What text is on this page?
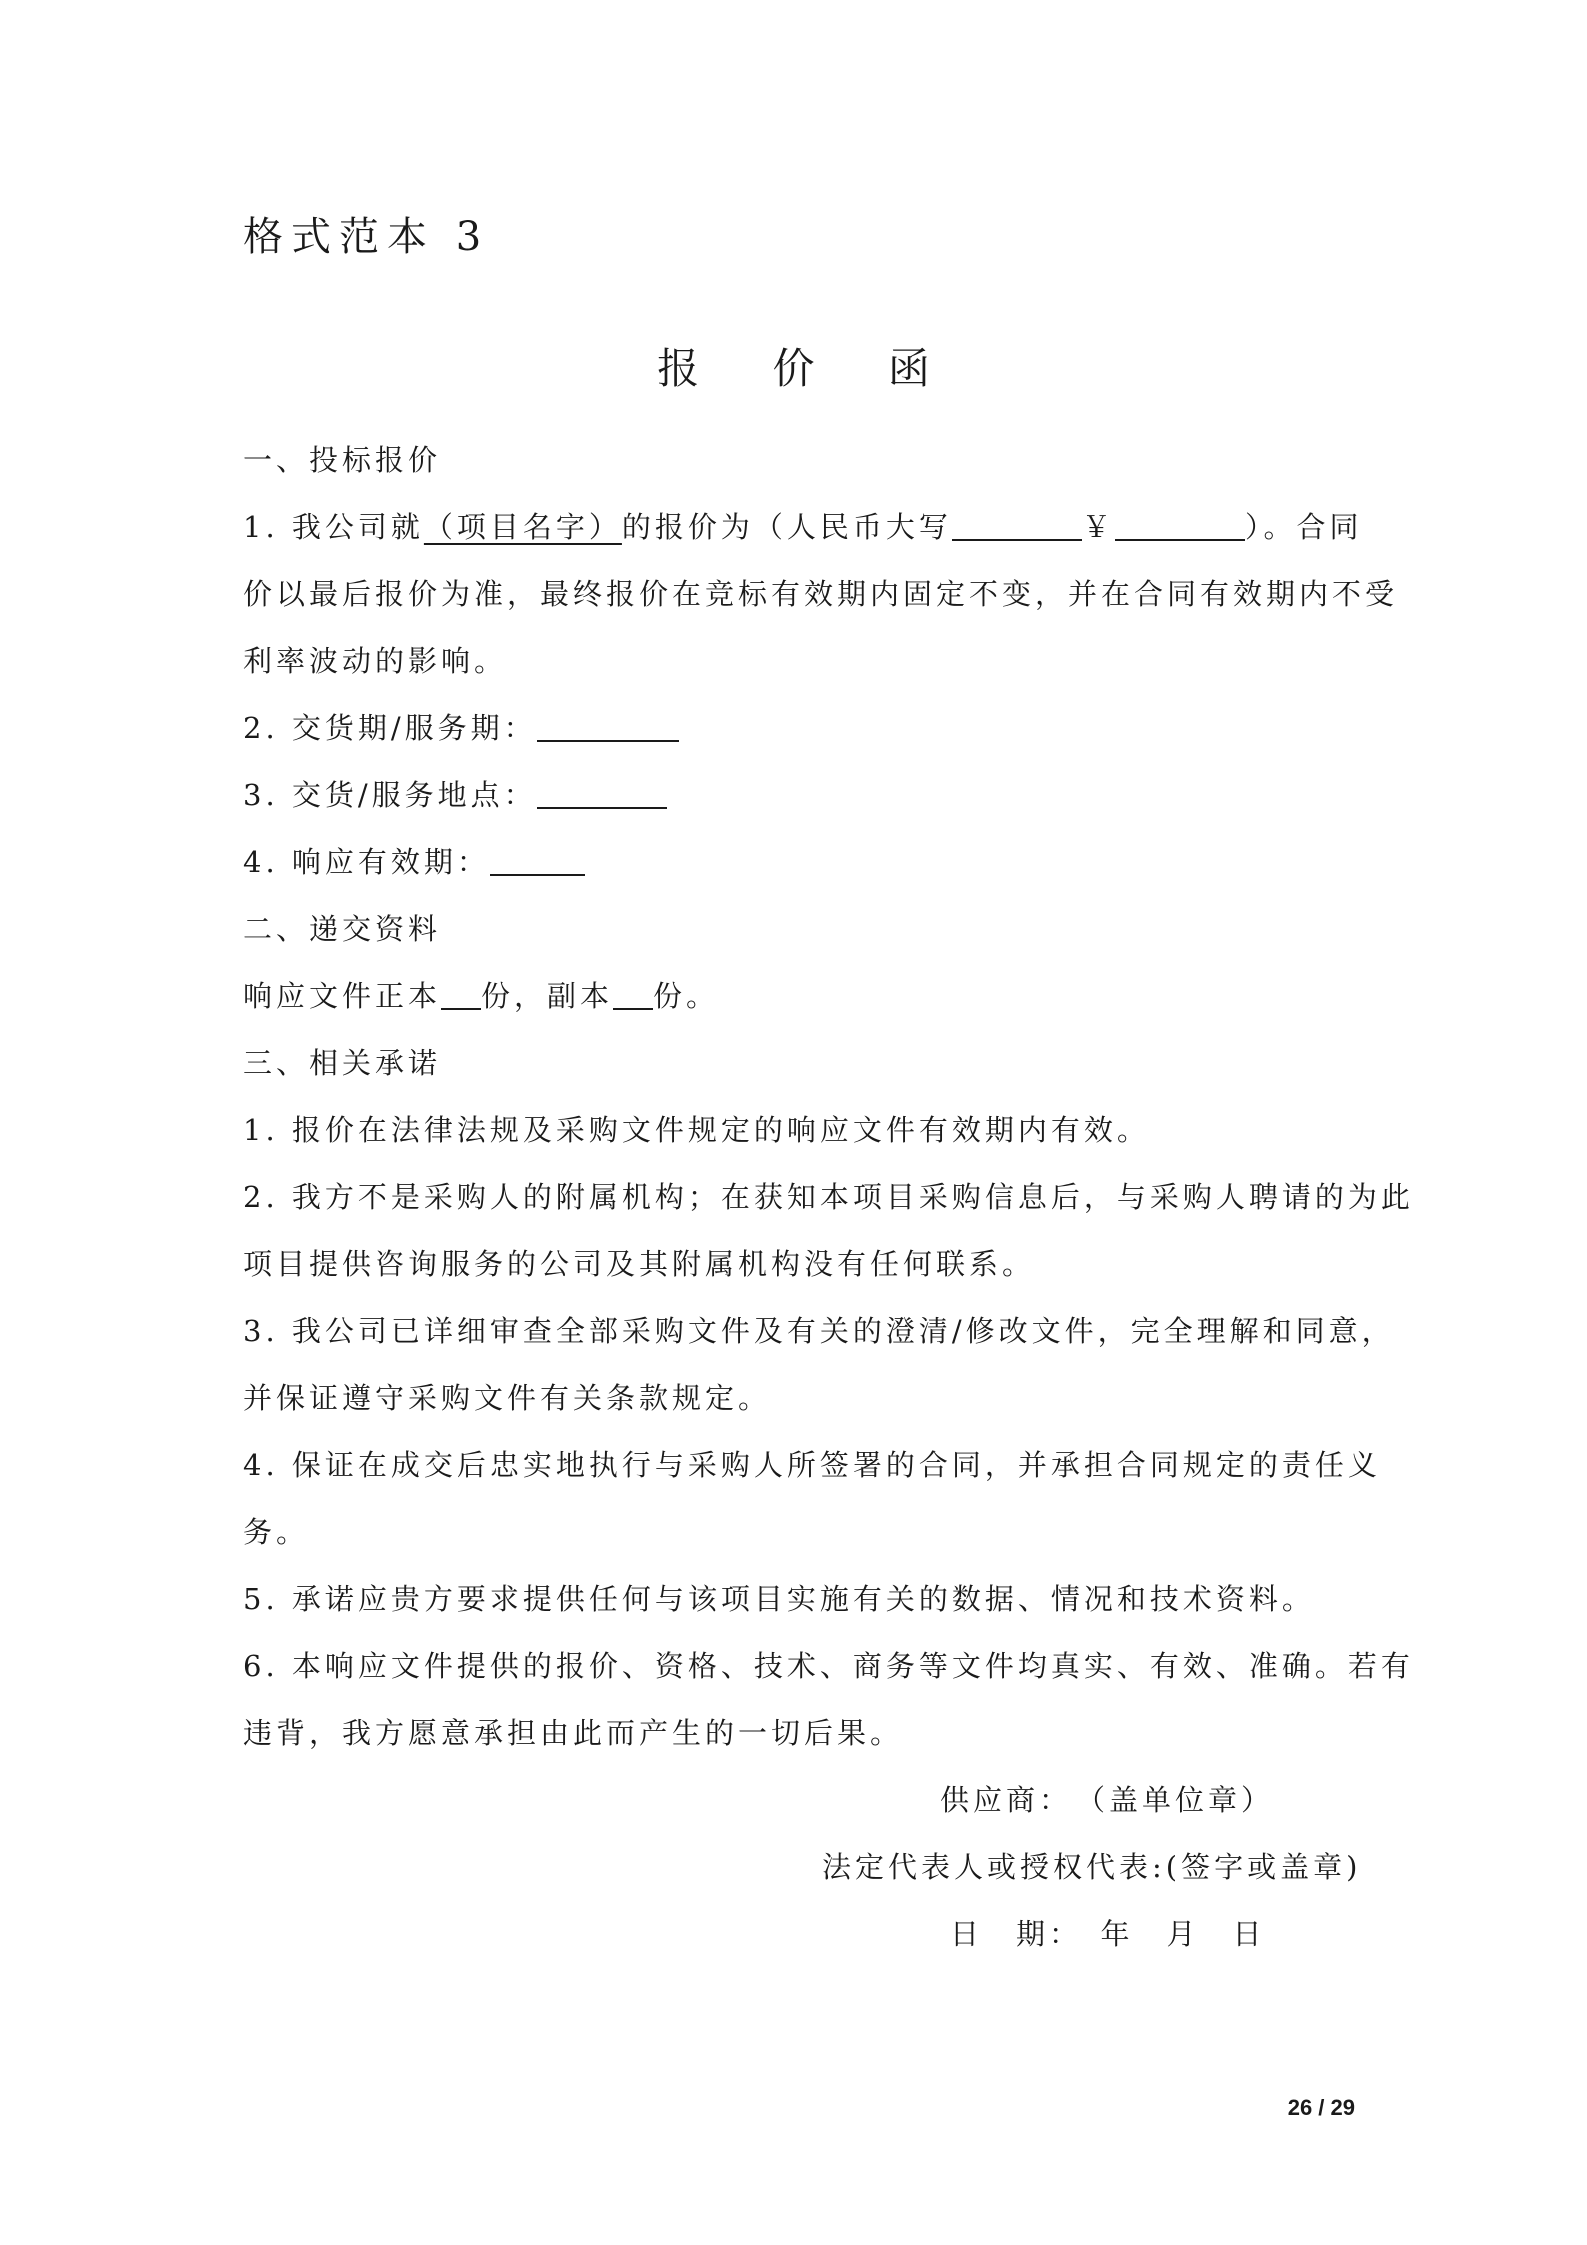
格式范本 3
报 价 函
一、投标报价
1. 我公司就（项目名字）的报价为（人民币大写	￥	）。合同
价以最后报价为准，最终报价在竞标有效期内固定不变，并在合同有效期内不受
利率波动的影响。
2. 交货期/服务期：
3. 交货/服务地点：
4. 响应有效期：
二、递交资料
响应文件正本 份，副本 份。
三、相关承诺
1. 报价在法律法规及采购文件规定的响应文件有效期内有效。
2. 我方不是采购人的附属机构；在获知本项目采购信息后，与采购人聘请的为此
项目提供咨询服务的公司及其附属机构没有任何联系。
3. 我公司已详细审查全部采购文件及有关的澄清/修改文件，完全理解和同意，
并保证遵守采购文件有关条款规定。
4. 保证在成交后忠实地执行与采购人所签署的合同，并承担合同规定的责任义
务。
5. 承诺应贵方要求提供任何与该项目实施有关的数据、情况和技术资料。
6. 本响应文件提供的报价、资格、技术、商务等文件均真实、有效、准确。若有
违背，我方愿意承担由此而产生的一切后果。
供应商：　（盖单位章）
法定代表人或授权代表:(签字或盖章)
日　期：　年　月　日
26 / 29
